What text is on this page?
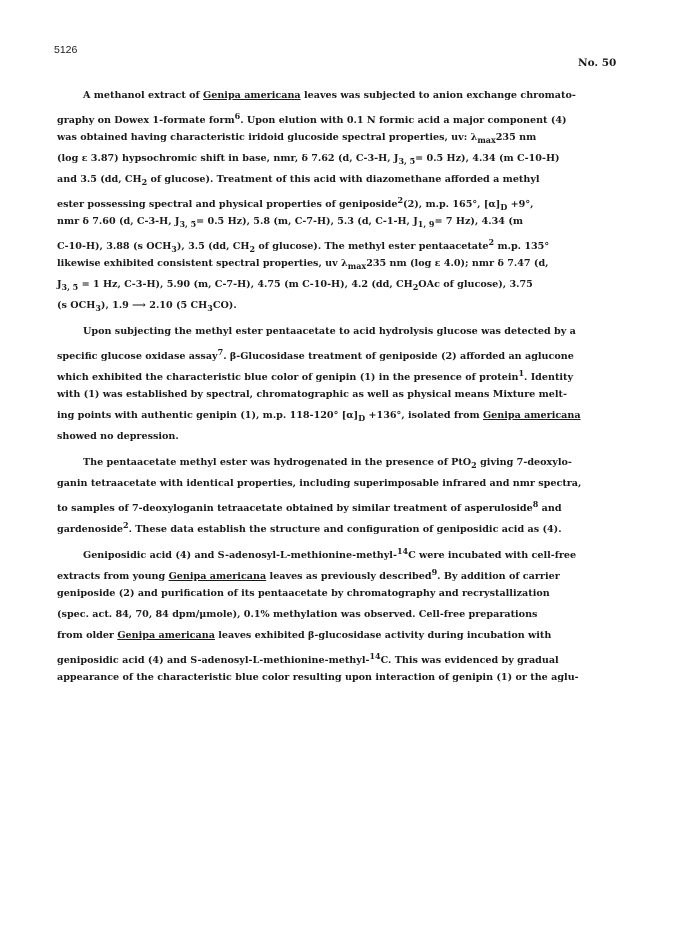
5126
No. 50
A methanol extract of Genipa americana leaves was subjected to anion exchange chromato-
graphy on Dowex 1-formate form$^6$. Upon elution with 0.1 N formic acid a major component (4)
was obtained having characteristic iridoid glucoside spectral properties, uv: $\lambda_{max}235$ nm
(log ε 3.87) hypsochromic shift in base, nmr, δ 7.62 (d, C-3-H, $J_{3, 5}= 0.5$ Hz), 4.34 (m C-10-H)
and 3.5 (dd, $CH_2$ of glucose). Treatment of this acid with diazomethane afforded a methyl
ester possessing spectral and physical properties of geniposide$^2$(2), m.p. 165°, $[\alpha]_D +9^\circ$,
nmr δ 7.60 (d, C-3-H, $J_{3, 5}= 0.5$ Hz), 5.8 (m, C-7-H), 5.3 (d, C-1-H, $J_{1, 9}= 7$ Hz), 4.34 (m
C-10-H), 3.88 (s $OCH_3$), 3.5 (dd, $CH_2$ of glucose). The methyl ester pentaacetate$^2$ m.p. 135°
likewise exhibited consistent spectral properties, uv $\lambda_{max}235$ nm (log ε 4.0); nmr δ 7.47 (d,
$J_{3, 5} = 1$ Hz, C-3-H), 5.90 (m, C-7-H), 4.75 (m C-10-H), 4.2 (dd, $CH_2OAc$ of glucose), 3.75
(s $OCH_3$), 1.9 ⟶ 2.10 (5 $CH_3CO$).
Upon subjecting the methyl ester pentaacetate to acid hydrolysis glucose was detected by a
specific glucose oxidase assay$^7$. β-Glucosidase treatment of geniposide (2) afforded an aglucone
which exhibited the characteristic blue color of genipin (1) in the presence of protein$^1$. Identity
with (1) was established by spectral, chromatographic as well as physical means Mixture melt-
ing points with authentic genipin (1), m.p. 118-120° $[\alpha]_D +136^\circ$, isolated from Genipa americana
showed no depression.
The pentaacetate methyl ester was hydrogenated in the presence of PtO$_2$ giving 7-deoxylo-
ganin tetraacetate with identical properties, including superimposable infrared and nmr spectra,
to samples of 7-deoxyloganin tetraacetate obtained by similar treatment of asperuloside$^8$ and
gardenoside$^2$. These data establish the structure and configuration of geniposidic acid as (4).
Geniposidic acid (4) and S-adenosyl-L-methionine-methyl-$^{14}$C were incubated with cell-free
extracts from young Genipa americana leaves as previously described$^9$. By addition of carrier
geniposide (2) and purification of its pentaacetate by chromatography and recrystallization
(spec. act. 84, 70, 84 dpm/μmole), 0.1% methylation was observed. Cell-free preparations
from older Genipa americana leaves exhibited β-glucosidase activity during incubation with
geniposidic acid (4) and S-adenosyl-L-methionine-methyl-$^{14}$C. This was evidenced by gradual
appearance of the characteristic blue color resulting upon interaction of genipin (1) or the aglu-
